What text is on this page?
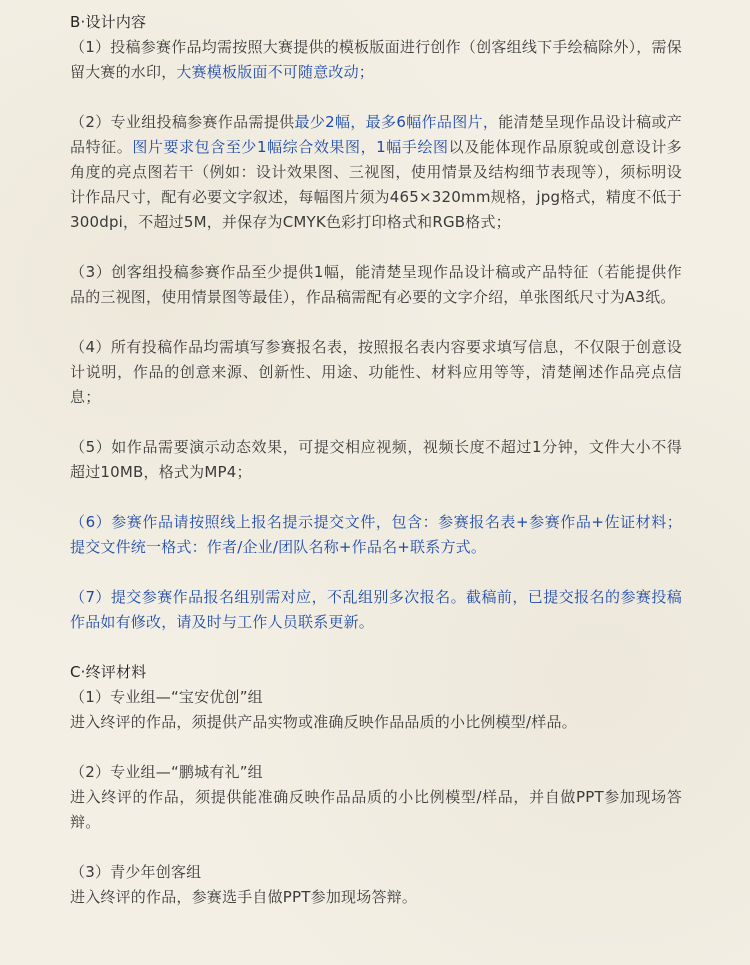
B·设计内容

（1）投稿参赛作品均需按照大赛提供的模板版面进行创作（创客组线下手绘稿除外），需保留大赛的水印，大赛模板版面不可随意改动；

（2）专业组投稿参赛作品需提供最少2幅，最多6幅作品图片，能清楚呈现作品设计稿或产品特征。图片要求包含至少1幅综合效果图，1幅手绘图以及能体现作品原貌或创意设计多角度的亮点图若干（例如：设计效果图、三视图，使用情景及结构细节表现等），须标明设计作品尺寸，配有必要文字叙述，每幅图片须为465×320mm规格，jpg格式，精度不低于300dpi，不超过5M，并保存为CMYK色彩打印格式和RGB格式；

（3）创客组投稿参赛作品至少提供1幅，能清楚呈现作品设计稿或产品特征（若能提供作品的三视图，使用情景图等最佳），作品稿需配有必要的文字介绍，单张图纸尺寸为A3纸。

（4）所有投稿作品均需填写参赛报名表，按照报名表内容要求填写信息，不仅限于创意设计说明，作品的创意来源、创新性、用途、功能性、材料应用等等，清楚阐述作品亮点信息；

（5）如作品需要演示动态效果，可提交相应视频，视频长度不超过1分钟，文件大小不得超过10MB，格式为MP4；

（6）参赛作品请按照线上报名提示提交文件，包含：参赛报名表+参赛作品+佐证材料；提交文件统一格式：作者/企业/团队名称+作品名+联系方式。

（7）提交参赛作品报名组别需对应，不乱组别多次报名。截稿前，已提交报名的参赛投稿作品如有修改，请及时与工作人员联系更新。

C·终评材料

（1）专业组—“宝安优创”组

进入终评的作品，须提供产品实物或准确反映作品品质的小比例模型/样品。

（2）专业组—“鹏城有礼”组

进入终评的作品，须提供能准确反映作品品质的小比例模型/样品，并自做PPT参加现场答辩。

（3）青少年创客组

进入终评的作品，参赛选手自做PPT参加现场答辩。
